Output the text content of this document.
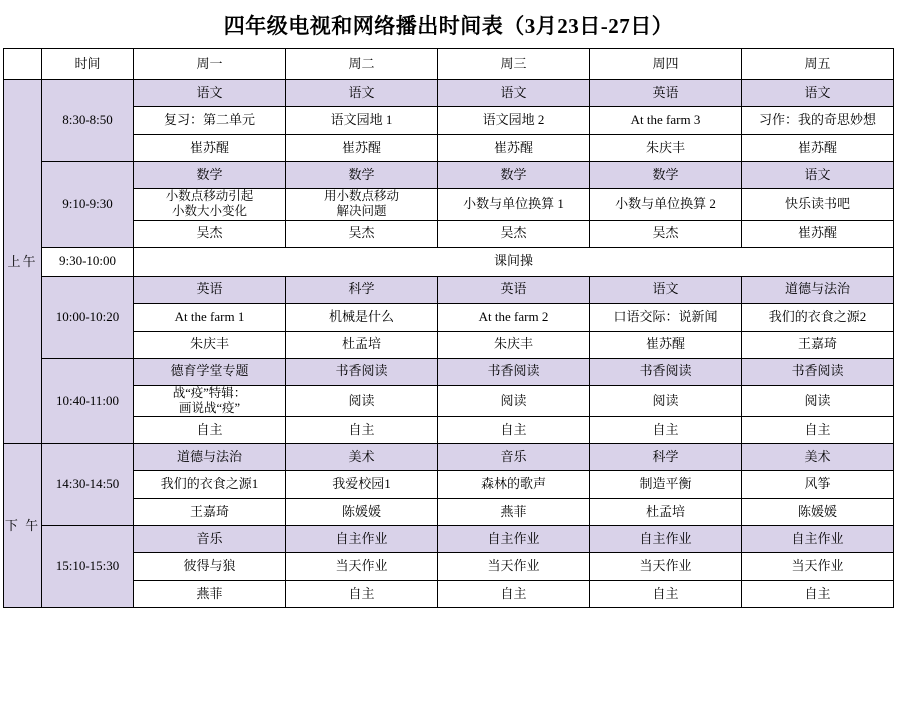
四年级电视和网络播出时间表（3月23日-27日）
	时间	周一	周二	周三	周四	周五

上午	8:30-8:50	语文	语文	语文	英语	语文
		复习：第二单元	语文园地 1	语文园地 2	At the farm 3	习作：我的奇思妙想
		崔苏醒	崔苏醒	崔苏醒	朱庆丰	崔苏醒
	9:10-9:30	数学	数学	数学	数学	语文

		小数点移动引起
小数大小变化	用小数点移动
解决问题	小数与单位换算 1	小数与单位换算 2	快乐读书吧
		吴杰	吴杰	吴杰	吴杰	崔苏醒
	9:30-10:00	课间操				
	10:00-10:20	英语	科学	英语	语文	道德与法治
		At the farm 1	机械是什么	At the farm 2	口语交际：说新闻	我们的衣食之源2
		朱庆丰	杜孟培	朱庆丰	崔苏醒	王嘉琦
	10:40-11:00	德育学堂专题	书香阅读	书香阅读	书香阅读	书香阅读

		战“疫”特辑：
画说战“疫”	阅读	阅读	阅读	阅读
		自主	自主	自主	自主	自主

下 午	14:30-14:50	道德与法治	美术	音乐	科学	美术
		我们的衣食之源1	我爱校园1	森林的歌声	制造平衡	风筝
		王嘉琦	陈媛媛	燕菲	杜孟培	陈媛媛
	15:10-15:30	音乐	自主作业	自主作业	自主作业	自主作业
		彼得与狼	当天作业	当天作业	当天作业	当天作业
		燕菲	自主	自主	自主	自主
